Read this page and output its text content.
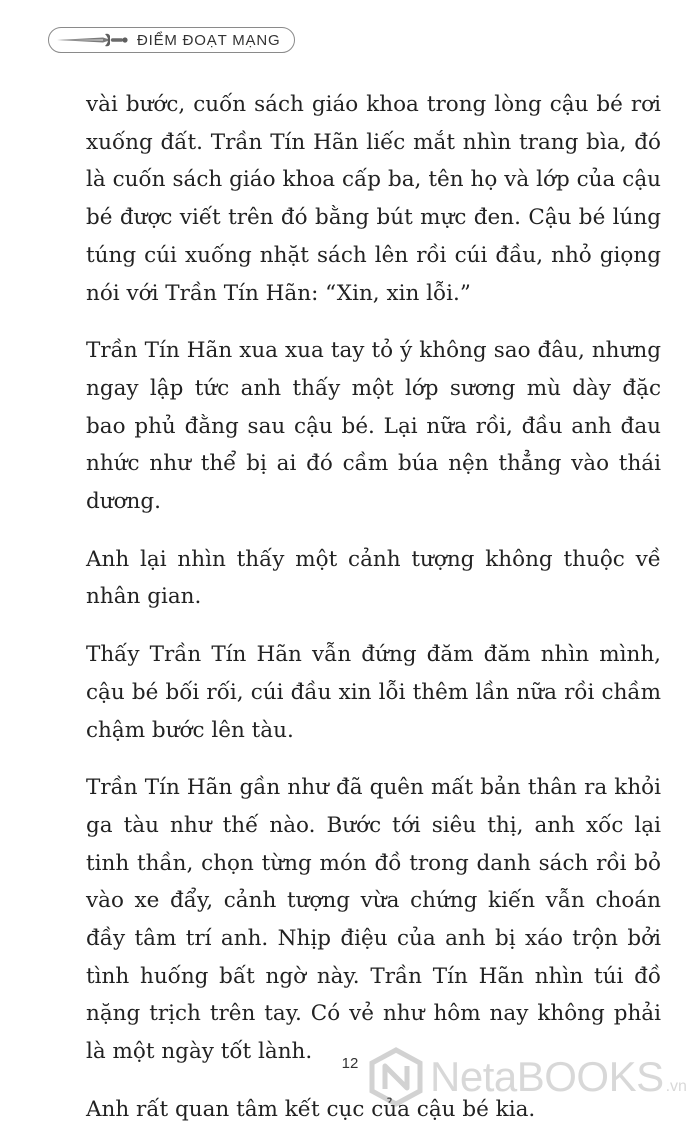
ĐIỂM ĐOẠT MẠNG

vài bước, cuốn sách giáo khoa trong lòng cậu bé rơi xuống đất. Trần Tín Hãn liếc mắt nhìn trang bìa, đó là cuốn sách giáo khoa cấp ba, tên họ và lớp của cậu bé được viết trên đó bằng bút mực đen. Cậu bé lúng túng cúi xuống nhặt sách lên rồi cúi đầu, nhỏ giọng nói với Trần Tín Hãn: “Xin, xin lỗi.”

Trần Tín Hãn xua xua tay tỏ ý không sao đâu, nhưng ngay lập tức anh thấy một lớp sương mù dày đặc bao phủ đằng sau cậu bé. Lại nữa rồi, đầu anh đau nhức như thể bị ai đó cầm búa nện thẳng vào thái dương.

Anh lại nhìn thấy một cảnh tượng không thuộc về nhân gian.

Thấy Trần Tín Hãn vẫn đứng đăm đăm nhìn mình, cậu bé bối rối, cúi đầu xin lỗi thêm lần nữa rồi chầm chậm bước lên tàu.

Trần Tín Hãn gần như đã quên mất bản thân ra khỏi ga tàu như thế nào. Bước tới siêu thị, anh xốc lại tinh thần, chọn từng món đồ trong danh sách rồi bỏ vào xe đẩy, cảnh tượng vừa chứng kiến vẫn choán đầy tâm trí anh. Nhịp điệu của anh bị xáo trộn bởi tình huống bất ngờ này. Trần Tín Hãn nhìn túi đồ nặng trịch trên tay. Có vẻ như hôm nay không phải là một ngày tốt lành.

Anh rất quan tâm kết cục của cậu bé kia.

12	NetaBOOKS .vn
